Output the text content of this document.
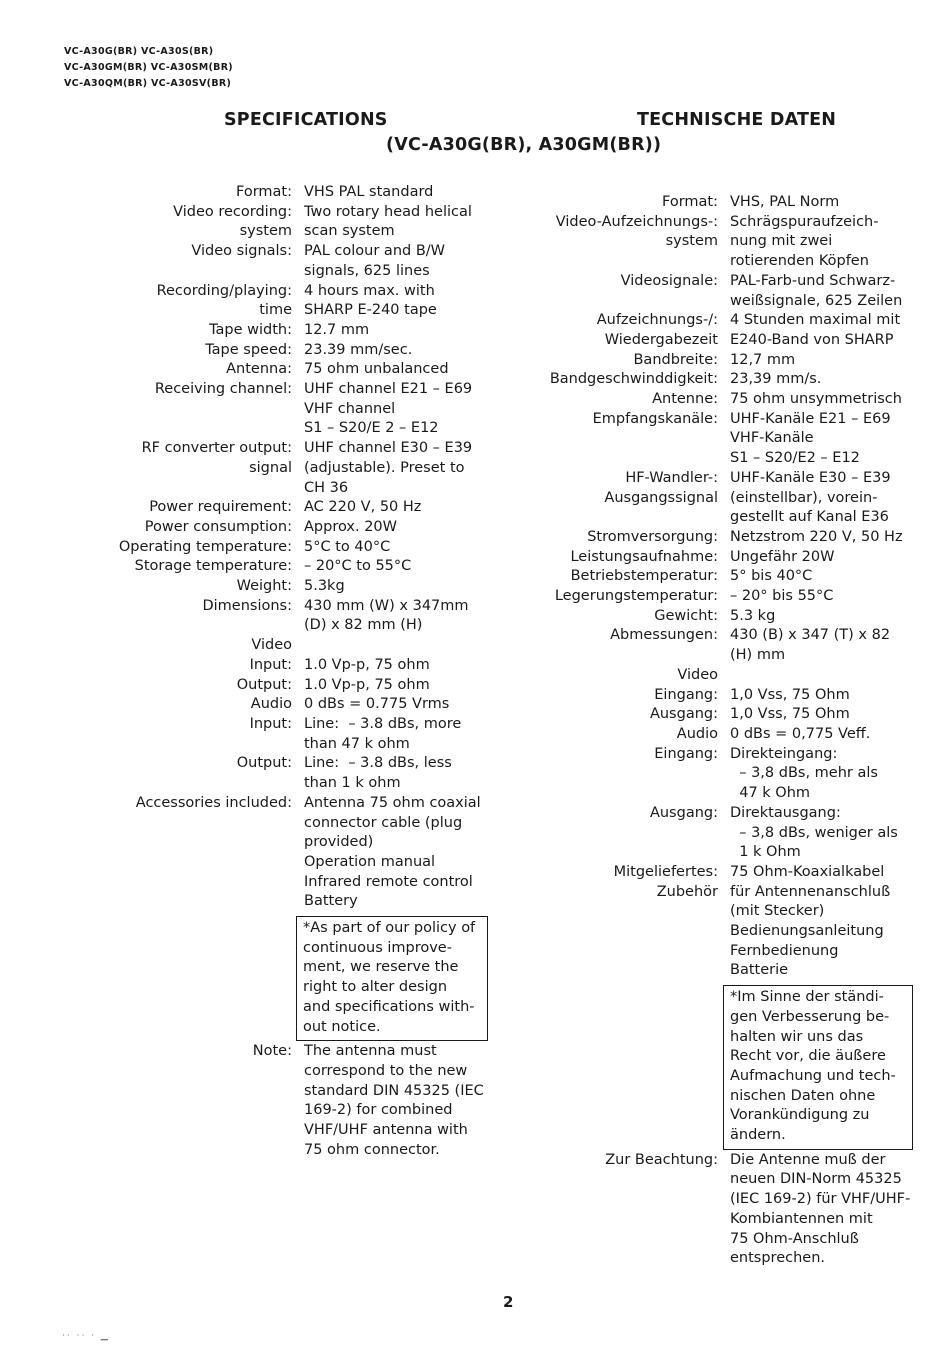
VC-A30G(BR) VC-A30S(BR)
VC-A30GM(BR) VC-A30SM(BR)
VC-A30QM(BR) VC-A30SV(BR)
SPECIFICATIONS	TECHNISCHE DATEN
(VC-A30G(BR), A30GM(BR))
Format: VHS PAL standard
Video recording: Two rotary head helical
system scan system
Video signals: PAL colour and B/W
signals, 625 lines
Recording/playing: 4 hours max. with
time SHARP E-240 tape
Tape width: 12.7 mm
Tape speed: 23.39 mm/sec.
Antenna: 75 ohm unbalanced
Receiving channel: UHF channel E21 – E69
VHF channel
S1 – S20/E 2 – E12
RF converter output: UHF channel E30 – E39
signal (adjustable). Preset to
CH 36
Power requirement: AC 220 V, 50 Hz
Power consumption: Approx. 20W
Operating temperature: 5°C to 40°C
Storage temperature: – 20°C to 55°C
Weight: 5.3kg
Dimensions: 430 mm (W) x 347mm
(D) x 82 mm (H)
Video
Input: 1.0 Vp-p, 75 ohm
Output: 1.0 Vp-p, 75 ohm
Audio 0 dBs = 0.775 Vrms
Input: Line:  – 3.8 dBs, more
than 47 k ohm
Output: Line:  – 3.8 dBs, less
than 1 k ohm
Accessories included: Antenna 75 ohm coaxial
connector cable (plug
provided)
Operation manual
Infrared remote control
Battery
*As part of our policy of
continuous improve-
ment, we reserve the
right to alter design
and specifications with-
out notice.
Note: The antenna must
correspond to the new
standard DIN 45325 (IEC
169-2) for combined
VHF/UHF antenna with
75 ohm connector.
Format: VHS, PAL Norm
Video-Aufzeichnungs-: Schrägspuraufzeich-
system nung mit zwei
rotierenden Köpfen
Videosignale: PAL-Farb-und Schwarz-
weißsignale, 625 Zeilen
Aufzeichnungs-/: 4 Stunden maximal mit
Wiedergabezeit E240-Band von SHARP
Bandbreite: 12,7 mm
Bandgeschwinddigkeit: 23,39 mm/s.
Antenne: 75 ohm unsymmetrisch
Empfangskanäle: UHF-Kanäle E21 – E69
VHF-Kanäle
S1 – S20/E2 – E12
HF-Wandler-: UHF-Kanäle E30 – E39
Ausgangssignal (einstellbar), vorein-
gestellt auf Kanal E36
Stromversorgung: Netzstrom 220 V, 50 Hz
Leistungsaufnahme: Ungefähr 20W
Betriebstemperatur: 5° bis 40°C
Legerungstemperatur: – 20° bis 55°C
Gewicht: 5.3 kg
Abmessungen: 430 (B) x 347 (T) x 82
(H) mm
Video
Eingang: 1,0 Vss, 75 Ohm
Ausgang: 1,0 Vss, 75 Ohm
Audio 0 dBs = 0,775 Veff.
Eingang: Direkteingang:
– 3,8 dBs, mehr als
47 k Ohm
Ausgang: Direktausgang:
– 3,8 dBs, weniger als
1 k Ohm
Mitgeliefertes: 75 Ohm-Koaxialkabel
Zubehör für Antennenanschluß
(mit Stecker)
Bedienungsanleitung
Fernbedienung
Batterie
*Im Sinne der ständi-
gen Verbesserung be-
halten wir uns das
Recht vor, die äußere
Aufmachung und tech-
nischen Daten ohne
Vorankündigung zu
ändern.
Zur Beachtung: Die Antenne muß der
neuen DIN-Norm 45325
(IEC 169-2) für VHF/UHF-
Kombiantennen mit
75 Ohm-Anschluß
entsprechen.
2
·· ·· · ▁
